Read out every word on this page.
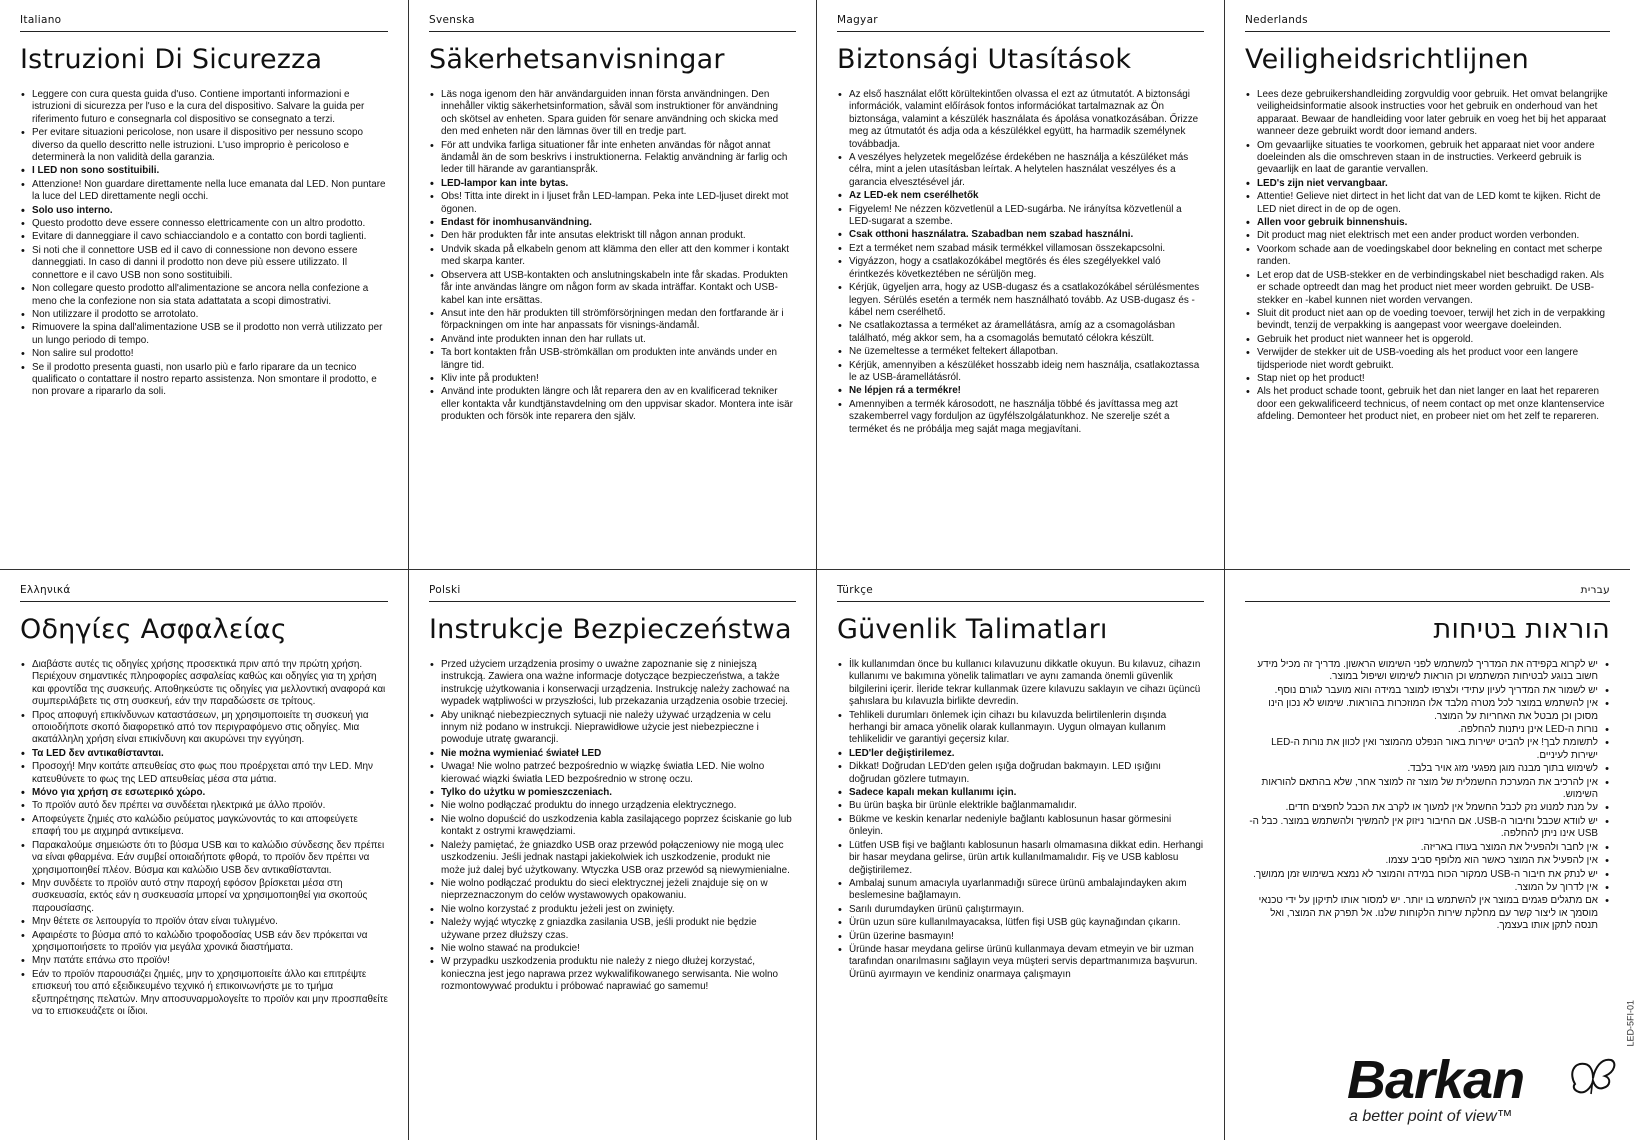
Italiano
Istruzioni Di Sicurezza
• Leggere con cura questa guida d'uso. Contiene importanti informazioni e istruzioni di sicurezza per l'uso e la cura del dispositivo. Salvare la guida per riferimento futuro e consegnarla col dispositivo se consegnato a terzi.
• Per evitare situazioni pericolose, non usare il dispositivo per nessuno scopo diverso da quello descritto nelle istruzioni. L'uso improprio è pericoloso e determinerà la non validità della garanzia.
• I LED non sono sostituibili.
• Attenzione! Non guardare direttamente nella luce emanata dal LED. Non puntare la luce del LED direttamente negli occhi.
• Solo uso interno.
• Questo prodotto deve essere connesso elettricamente con un altro prodotto.
• Evitare di danneggiare il cavo schiacciandolo e a contatto con bordi taglienti.
• Si noti che il connettore USB ed il cavo di connessione non devono essere danneggiati. In caso di danni il prodotto non deve più essere utilizzato. Il connettore e il cavo USB non sono sostituibili.
• Non collegare questo prodotto all'alimentazione se ancora nella confezione a meno che la confezione non sia stata adattatata a scopi dimostrativi.
• Non utilizzare il prodotto se arrotolato.
• Rimuovere la spina dall'alimentazione USB se il prodotto non verrà utilizzato per un lungo periodo di tempo.
• Non salire sul prodotto!
• Se il prodotto presenta guasti, non usarlo più e farlo riparare da un tecnico qualificato o contattare il nostro reparto assistenza. Non smontare il prodotto, e non provare a ripararlo da soli.
Svenska
Säkerhetsanvisningar
• Läs noga igenom den här användarguiden innan första användningen. Den innehåller viktig säkerhetsinformation, såväl som instruktioner för användning och skötsel av enheten. Spara guiden för senare användning och skicka med den med enheten när den lämnas över till en tredje part.
• För att undvika farliga situationer får inte enheten användas för något annat ändamål än de som beskrivs i instruktionerna. Felaktig användning är farlig och leder till härande av garantianspråk.
• LED-lampor kan inte bytas.
• Obs! Titta inte direkt in i ljuset från LED-lampan. Peka inte LED-ljuset direkt mot ögonen.
• Endast för inomhusanvändning.
• Den här produkten får inte ansutas elektriskt till någon annan produkt.
• Undvik skada på elkabeln genom att klämma den eller att den kommer i kontakt med skarpa kanter.
• Observera att USB-kontakten och anslutningskabeln inte får skadas. Produkten får inte användas längre om någon form av skada inträffar. Kontakt och USB-kabel kan inte ersättas.
• Ansut inte den här produkten till strömförsörjningen medan den fortfarande är i förpackningen om inte har anpassats för visnings-ändamål.
• Använd inte produkten innan den har rullats ut.
• Ta bort kontakten från USB-strömkällan om produkten inte används under en längre tid.
• Kliv inte på produkten!
• Använd inte produkten längre och låt reparera den av en kvalificerad tekniker eller kontakta vår kundtjänstavdelning om den uppvisar skador. Montera inte isär produkten och försök inte reparera den själv.
Magyar
Biztonsági Utasítások
• Az első használat előtt körültekintően olvassa el ezt az útmutatót. A biztonsági információk, valamint előírások fontos információkat tartalmaznak az Ön biztonsága, valamint a készülék használata és ápolása vonatkozásában. Őrizze meg az útmutatót és adja oda a készülékkel együtt, ha harmadik személynek továbbadja.
• A veszélyes helyzetek megelőzése érdekében ne használja a készüléket más célra, mint a jelen utasításban leírtak. A helytelen használat veszélyes és a garancia elvesztésével jár.
• Az LED-ek nem cserélhetők
• Figyelem! Ne nézzen közvetlenül a LED-sugárba. Ne irányítsa közvetlenül a LED-sugarat a szembe.
• Csak otthoni használatra. Szabadban nem szabad használni.
• Ezt a terméket nem szabad másik termékkel villamosan összekapcsolni.
• Vigyázzon, hogy a csatlakozókábel megtörés és éles szegélyekkel való érintkezés következtében ne sérüljön meg.
• Kérjük, ügyeljen arra, hogy az USB-dugasz és a csatlakozókábel sérülésmentes legyen. Sérülés esetén a termék nem használható tovább. Az USB-dugasz és -kábel nem cserélhető.
• Ne csatlakoztassa a terméket az áramellátásra, amíg az a csomagolásban található, még akkor sem, ha a csomagolás bemutató célokra készült.
• Ne üzemeltesse a terméket feltekert állapotban.
• Kérjük, amennyiben a készüléket hosszabb ideig nem használja, csatlakoztassa le az USB-áramellátásról.
• Ne lépjen rá a termékre!
• Amennyiben a termék károsodott, ne használja többé és javíttassa meg azt szakemberrel vagy forduljon az ügyfélszolgálatunkhoz. Ne szerelje szét a terméket és ne próbálja meg saját maga megjavítani.
Nederlands
Veiligheidsrichtlijnen
• Lees deze gebruikershandleiding zorgvuldig voor gebruik. Het omvat belangrijke veiligheidsinformatie alsook instructies voor het gebruik en onderhoud van het apparaat. Bewaar de handleiding voor later gebruik en voeg het bij het apparaat wanneer deze gebruikt wordt door iemand anders.
• Om gevaarlijke situaties te voorkomen, gebruik het apparaat niet voor andere doeleinden als die omschreven staan in de instructies. Verkeerd gebruik is gevaarlijk en laat de garantie vervallen.
• LED's zijn niet vervangbaar.
• Attentie! Gelieve niet dirtect in het licht dat van de LED komt te kijken. Richt de LED niet direct in de op de ogen.
• Allen voor gebruik binnenshuis.
• Dit product mag niet elektrisch met een ander product worden verbonden.
• Voorkom schade aan de voedingskabel door bekneling en contact met scherpe randen.
• Let erop dat de USB-stekker en de verbindingskabel niet beschadigd raken. Als er schade optreedt dan mag het product niet meer worden gebruikt. De USB-stekker en -kabel kunnen niet worden vervangen.
• Sluit dit product niet aan op de voeding toevoer, terwijl het zich in de verpakking bevindt, tenzij de verpakking is aangepast voor weergave doeleinden.
• Gebruik het product niet wanneer het is opgerold.
• Verwijder de stekker uit de USB-voeding als het product voor een langere tijdsperiode niet wordt gebruikt.
• Stap niet op het product!
• Als het product schade toont, gebruik het dan niet langer en laat het repareren door een gekwalificeerd technicus, of neem contact op met onze klantenservice afdeling. Demonteer het product niet, en probeer niet om het zelf te repareren.
Ελληνικά
Οδηγίες Ασφαλείας
• Διαβάστε αυτές τις οδηγίες χρήσης προσεκτικά πριν από την πρώτη χρήση. Περιέχουν σημαντικές πληροφορίες ασφαλείας καθώς και οδηγίες για τη χρήση και φροντίδα της συσκευής. Αποθηκεύστε τις οδηγίες για μελλοντική αναφορά και συμπεριλάβετε τις στη συσκευή, εάν την παραδώσετε σε τρίτους.
• Προς αποφυγή επικίνδυνων καταστάσεων, μη χρησιμοποιείτε τη συσκευή για οποιοδήποτε σκοπό διαφορετικό από τον περιγραφόμενο στις οδηγίες. Μια ακατάλληλη χρήση είναι επικίνδυνη και ακυρώνει την εγγύηση.
• Τα LED δεν αντικαθίστανται.
• Προσοχή! Μην κοιτάτε απευθείας στο φως που προέρχεται από την LED. Μην κατευθύνετε το φως της LED απευθείας μέσα στα μάτια.
• Μόνο για χρήση σε εσωτερικό χώρο.
• Το προϊόν αυτό δεν πρέπει να συνδέεται ηλεκτρικά με άλλο προϊόν.
• Αποφεύγετε ζημιές στο καλώδιο ρεύματος μαγκώνοντάς το και αποφεύγετε επαφή του με αιχμηρά αντικείμενα.
• Παρακαλούμε σημειώστε ότι το βύσμα USB και το καλώδιο σύνδεσης δεν πρέπει να είναι φθαρμένα. Εάν συμβεί οποιαδήποτε φθορά, το προϊόν δεν πρέπει να χρησιμοποιηθεί πλέον. Βύσμα και καλώδιο USB δεν αντικαθίστανται.
• Μην συνδέετε το προϊόν αυτό στην παροχή εφόσον βρίσκεται μέσα στη συσκευασία, εκτός εάν η συσκευασία μπορεί να χρησιμοποιηθεί για σκοπούς παρουσίασης.
• Μην θέτετε σε λειτουργία το προϊόν όταν είναι τυλιγμένο.
• Αφαιρέστε το βύσμα από το καλώδιο τροφοδοσίας USB εάν δεν πρόκειται να χρησιμοποιήσετε το προϊόν για μεγάλα χρονικά διαστήματα.
• Μην πατάτε επάνω στο προϊόν!
• Εάν το προϊόν παρουσιάζει ζημιές, μην το χρησιμοποιείτε άλλο και επιτρέψτε επισκευή του από εξειδικευμένο τεχνικό ή επικοινωνήστε με το τμήμα εξυπηρέτησης πελατών. Μην αποσυναρμολογείτε το προϊόν και μην προσπαθείτε να το επισκευάζετε οι ίδιοι.
Polski
Instrukcje Bezpieczeństwa
• Przed użyciem urządzenia prosimy o uważne zapoznanie się z niniejszą instrukcją. Zawiera ona ważne informacje dotyczące bezpieczeństwa, a także instrukcję użytkowania i konserwacji urządzenia. Instrukcję należy zachować na wypadek wątpliwości w przyszłości, lub przekazania urządzenia osobie trzeciej.
• Aby uniknąć niebezpiecznych sytuacji nie należy używać urządzenia w celu innym niż podano w instrukcji. Nieprawidłowe użycie jest niebezpieczne i powoduje utratę gwarancji.
• Nie można wymieniać świateł LED
• Uwaga! Nie wolno patrzeć bezpośrednio w wiązkę światła LED. Nie wolno kierować wiązki światła LED bezpośrednio w stronę oczu.
• Tylko do użytku w pomieszczeniach.
• Nie wolno podłączać produktu do innego urządzenia elektrycznego.
• Nie wolno dopuścić do uszkodzenia kabla zasilającego poprzez ściskanie go lub kontakt z ostrymi krawędziami.
• Należy pamiętać, że gniazdko USB oraz przewód połączeniowy nie mogą ulec uszkodzeniu. Jeśli jednak nastąpi jakiekolwiek ich uszkodzenie, produkt nie może już dalej być użytkowany. Wtyczka USB oraz przewód są niewymienialne.
• Nie wolno podłączać produktu do sieci elektrycznej jeżeli znajduje się on w nieprzeznaczonym do celów wystawowych opakowaniu.
• Nie wolno korzystać z produktu jeżeli jest on zwinięty.
• Należy wyjąć wtyczkę z gniazdka zasilania USB, jeśli produkt nie będzie używane przez dłuższy czas.
• Nie wolno stawać na produkcie!
• W przypadku uszkodzenia produktu nie należy z niego dłużej korzystać, konieczna jest jego naprawa przez wykwalifikowanego serwisanta. Nie wolno rozmontowywać produktu i próbować naprawiać go samemu!
Türkçe
Güvenlik Talimatları
• İlk kullanımdan önce bu kullanıcı kılavuzunu dikkatle okuyun. Bu kılavuz, cihazın kullanımı ve bakımına yönelik talimatları ve aynı zamanda önemli güvenlik bilgilerini içerir. İleride tekrar kullanmak üzere kılavuzu saklayın ve cihazı üçüncü şahıslara bu kılavuzla birlikte devredin.
• Tehlikeli durumları önlemek için cihazı bu kılavuzda belirtilenlerin dışında herhangi bir amaca yönelik olarak kullanmayın. Uygun olmayan kullanım tehlikelidir ve garantiyi geçersiz kılar.
• LED'ler değiştirilemez.
• Dikkat! Doğrudan LED'den gelen ışığa doğrudan bakmayın. LED ışığını doğrudan gözlere tutmayın.
• Sadece kapalı mekan kullanımı için.
• Bu ürün başka bir ürünle elektrikle bağlanmamalıdır.
• Bükme ve keskin kenarlar nedeniyle bağlantı kablosunun hasar görmesini önleyin.
• Lütfen USB fişi ve bağlantı kablosunun hasarlı olmamasına dikkat edin. Herhangi bir hasar meydana gelirse, ürün artık kullanılmamalıdır. Fiş ve USB kablosu değiştirilemez.
• Ambalaj sunum amacıyla uyarlanmadığı sürece ürünü ambalajındayken akım beslemesine bağlamayın.
• Sarılı durumdayken ürünü çalıştırmayın.
• Ürün uzun süre kullanılmayacaksa, lütfen fişi USB güç kaynağından çıkarın.
• Ürün üzerine basmayın!
• Üründe hasar meydana gelirse ürünü kullanmaya devam etmeyin ve bir uzman tarafından onarılmasını sağlayın veya müşteri servis departmanımıza başvurun. Ürünü ayırmayın ve kendiniz onarmaya çalışmayın
עברית
הוראות בטיחות
• יש לקרוא בקפידה את המדריך למשתמש לפני השימוש הראשון. מדריך זה מכיל מידע חשוב בנוגע לבטיחות המשתמש וכן הוראות לשימוש ושיפול במוצר.
• יש לשמור את המדריך לעיון עתידי ולצרפו למוצר במידה והוא מועבר לגורם נוסף.
• אין להשתמש במוצר לכל מטרה מלבד אלו המוזכרות בהוראות. שימוש לא נכון הינו מסוכן וכן מבטל את האחריות על המוצר.
• נורות ה-LED אינן ניתנות להחלפה.
• לתשומת לבך! אין להביט ישירות באור הנפלט מהמוצר ואין לכוון את נורות ה-LED ישירות לעיניים.
• לשימוש בתוך מבנה מוגן מפגעי מזג אויר בלבד.
• אין להרכיב את המערכת החשמלית של מוצר זה למוצר אחר, שלא בהתאם להוראות השימוש.
• על מנת למנוע נזק לכבל החשמל אין למעוך או לקרב את הכבל לחפצים חדים.
• יש לוודא שכבל וחיבור ה-USB. אם החיבור ניזוק אין להמשיך ולהשתמש במוצר. כבל ה-USB אינו ניתן להחלפה.
• אין לחבר ולהפעיל את המוצר בעודו באריזה.
• אין להפעיל את המוצר כאשר הוא מלופף סביב עצמו.
• יש לנתק את חיבור ה-USB ממקור הכוח במידה והמוצר לא נמצא בשימוש זמן ממושך.
• אין לדרוך על המוצר.
• אם מתגלים פגמים במוצר אין להשתמש בו יותר. יש למסור אותו לתיקון על ידי טכנאי מוסמך או ליצור קשר עם מחלקת שירות הלקוחות שלנו. אל תפרק את המוצר, ואל תנסה לתקן אותו בעצמך.
LED-5FI-01
Barkan
a better point of view™
